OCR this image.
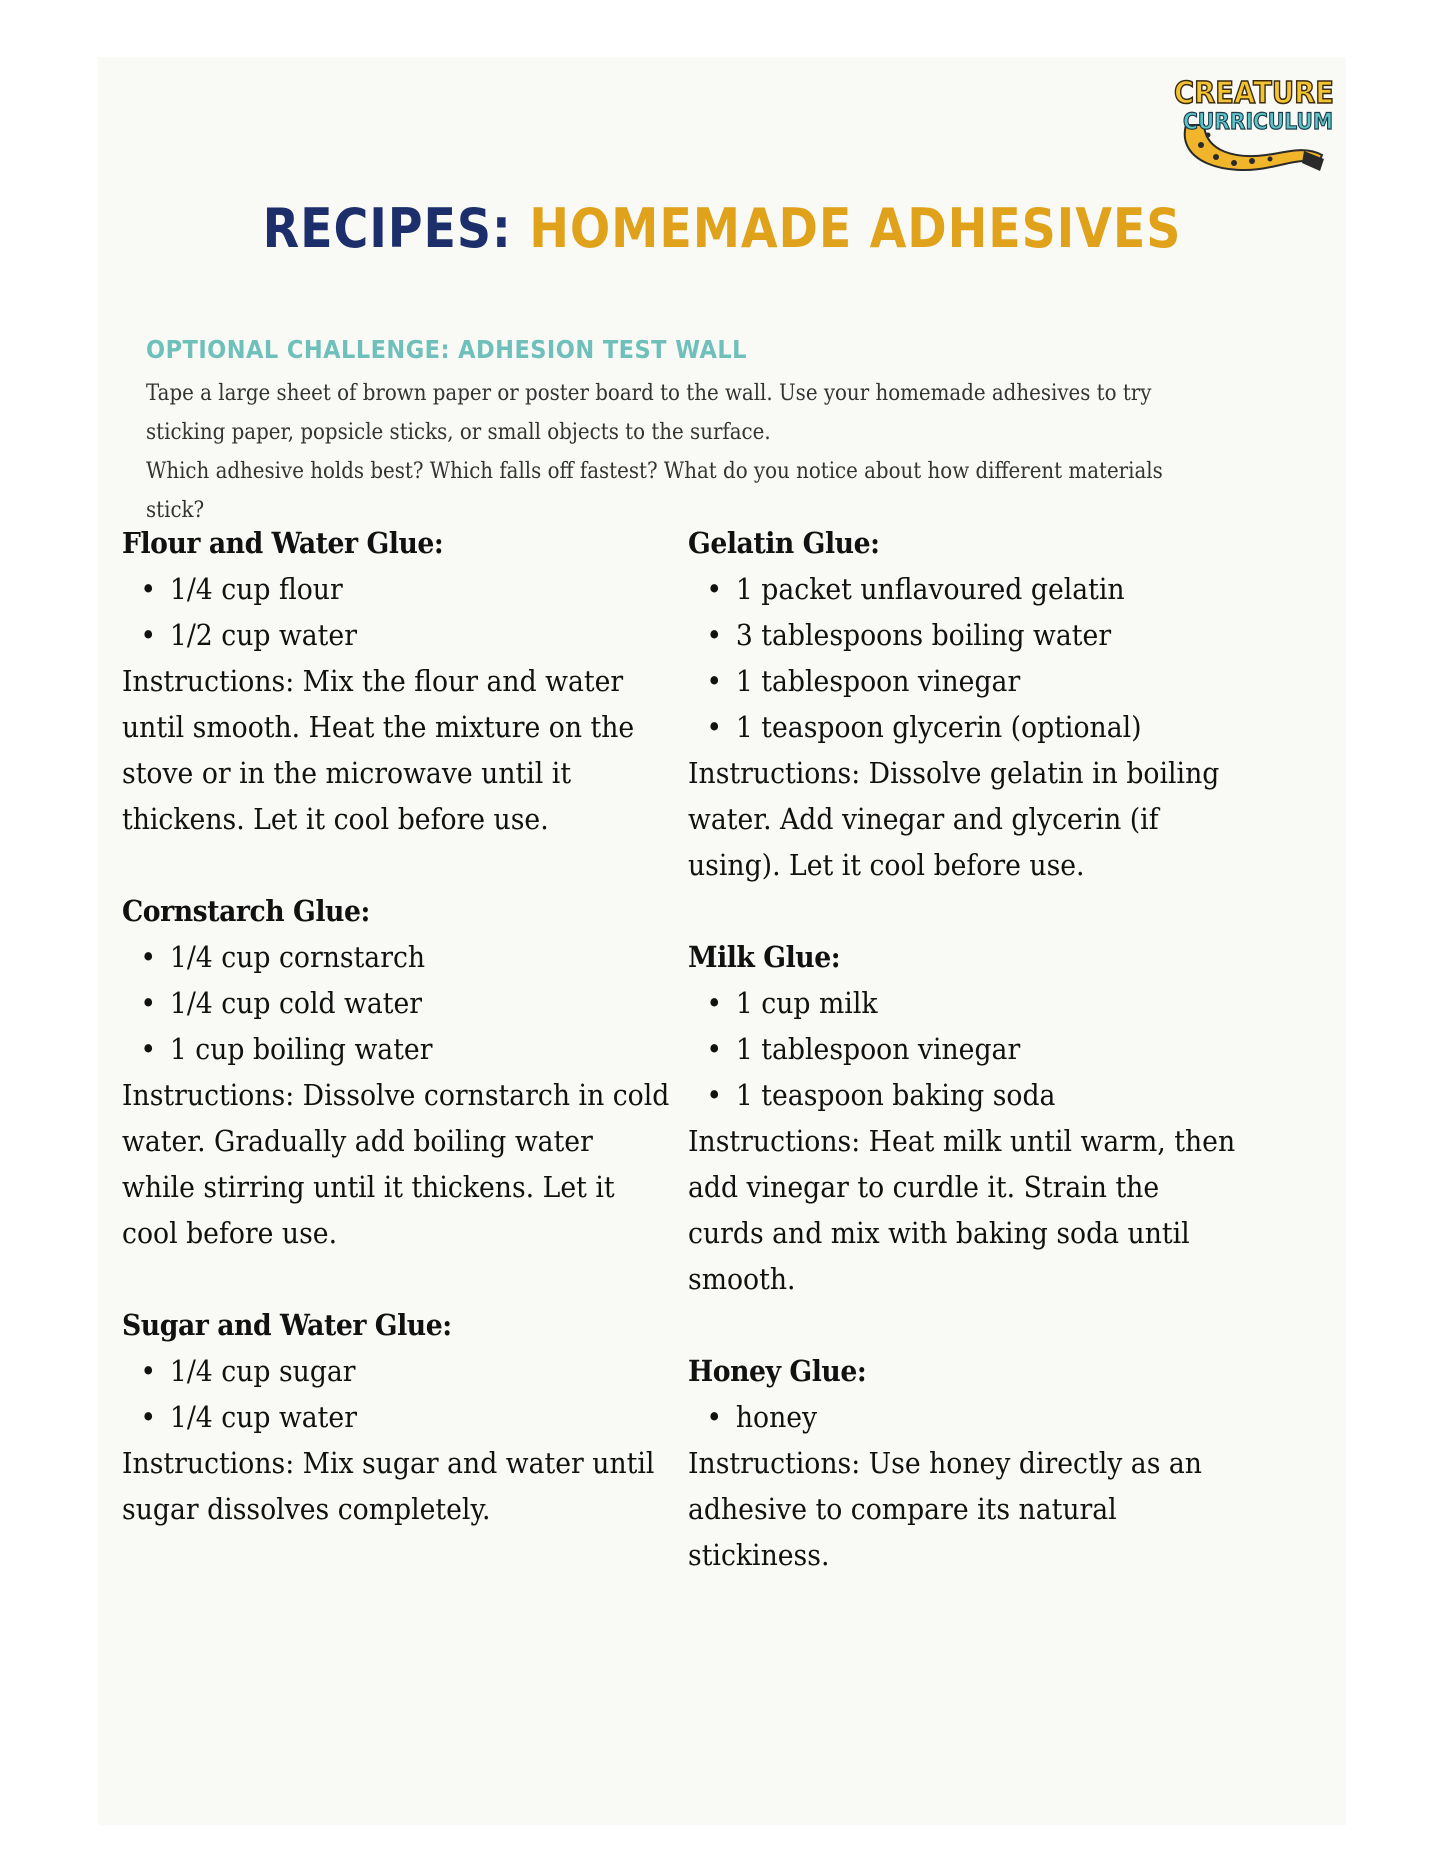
CREATURE
CURRICULUM
RECIPES: HOMEMADE ADHESIVES
OPTIONAL CHALLENGE: ADHESION TEST WALL

Tape a large sheet of brown paper or poster board to the wall. Use your homemade adhesives to try sticking paper, popsicle sticks, or small objects to the surface.

Which adhesive holds best? Which falls off fastest? What do you notice about how different materials stick?

Flour and Water Glue:
• 1/4 cup flour
• 1/2 cup water

Instructions: Mix the flour and water until smooth. Heat the mixture on the stove or in the microwave until it thickens. Let it cool before use.

Cornstarch Glue:
• 1/4 cup cornstarch
• 1/4 cup cold water
• 1 cup boiling water

Instructions: Dissolve cornstarch in cold water. Gradually add boiling water while stirring until it thickens. Let it cool before use.

Sugar and Water Glue:
• 1/4 cup sugar
• 1/4 cup water

Instructions: Mix sugar and water until sugar dissolves completely.

Gelatin Glue:
• 1 packet unflavoured gelatin
• 3 tablespoons boiling water
• 1 tablespoon vinegar
• 1 teaspoon glycerin (optional)

Instructions: Dissolve gelatin in boiling water. Add vinegar and glycerin (if using). Let it cool before use.

Milk Glue:
• 1 cup milk
• 1 tablespoon vinegar
• 1 teaspoon baking soda

Instructions: Heat milk until warm, then add vinegar to curdle it. Strain the curds and mix with baking soda until smooth.

Honey Glue:
• honey

Instructions: Use honey directly as an adhesive to compare its natural stickiness.
